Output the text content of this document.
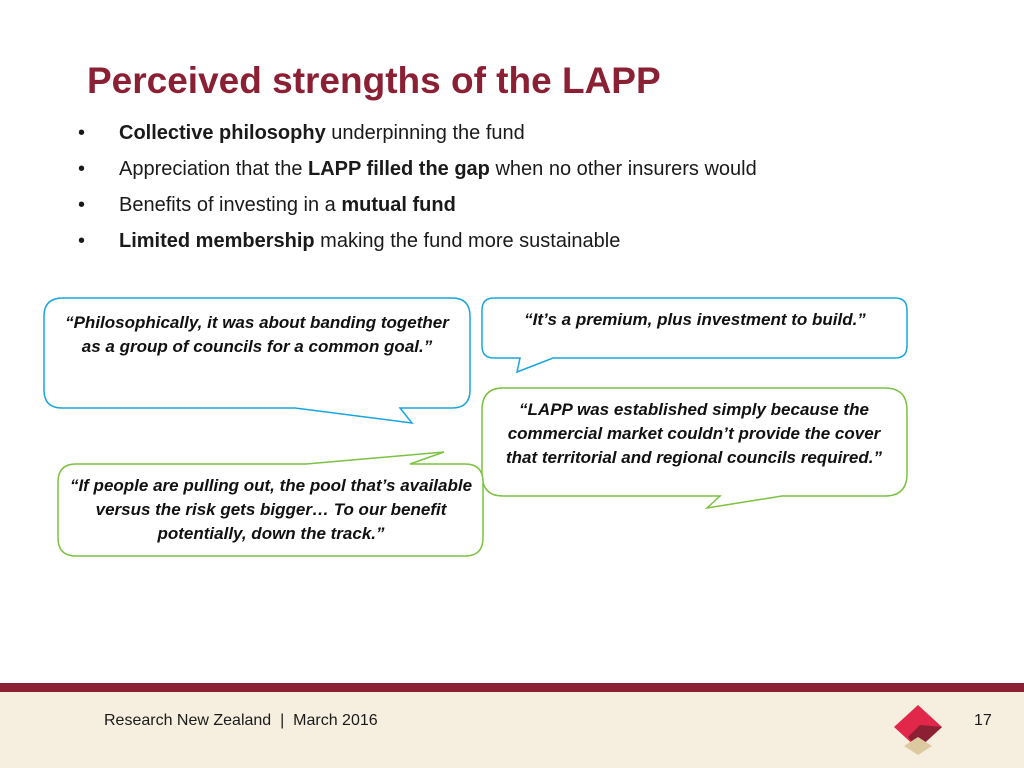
Perceived strengths of the LAPP
• Collective philosophy underpinning the fund
• Appreciation that the LAPP filled the gap when no other insurers would
• Benefits of investing in a mutual fund
• Limited membership making the fund more sustainable
“Philosophically, it was about banding together as a group of councils for a common goal.”
“It’s a premium, plus investment to build.”
“LAPP was established simply because the commercial market couldn’t provide the cover that territorial and regional councils required.”
“If people are pulling out, the pool that’s available versus the risk gets bigger… To our benefit potentially, down the track.”
Research New Zealand | March 2016	17
